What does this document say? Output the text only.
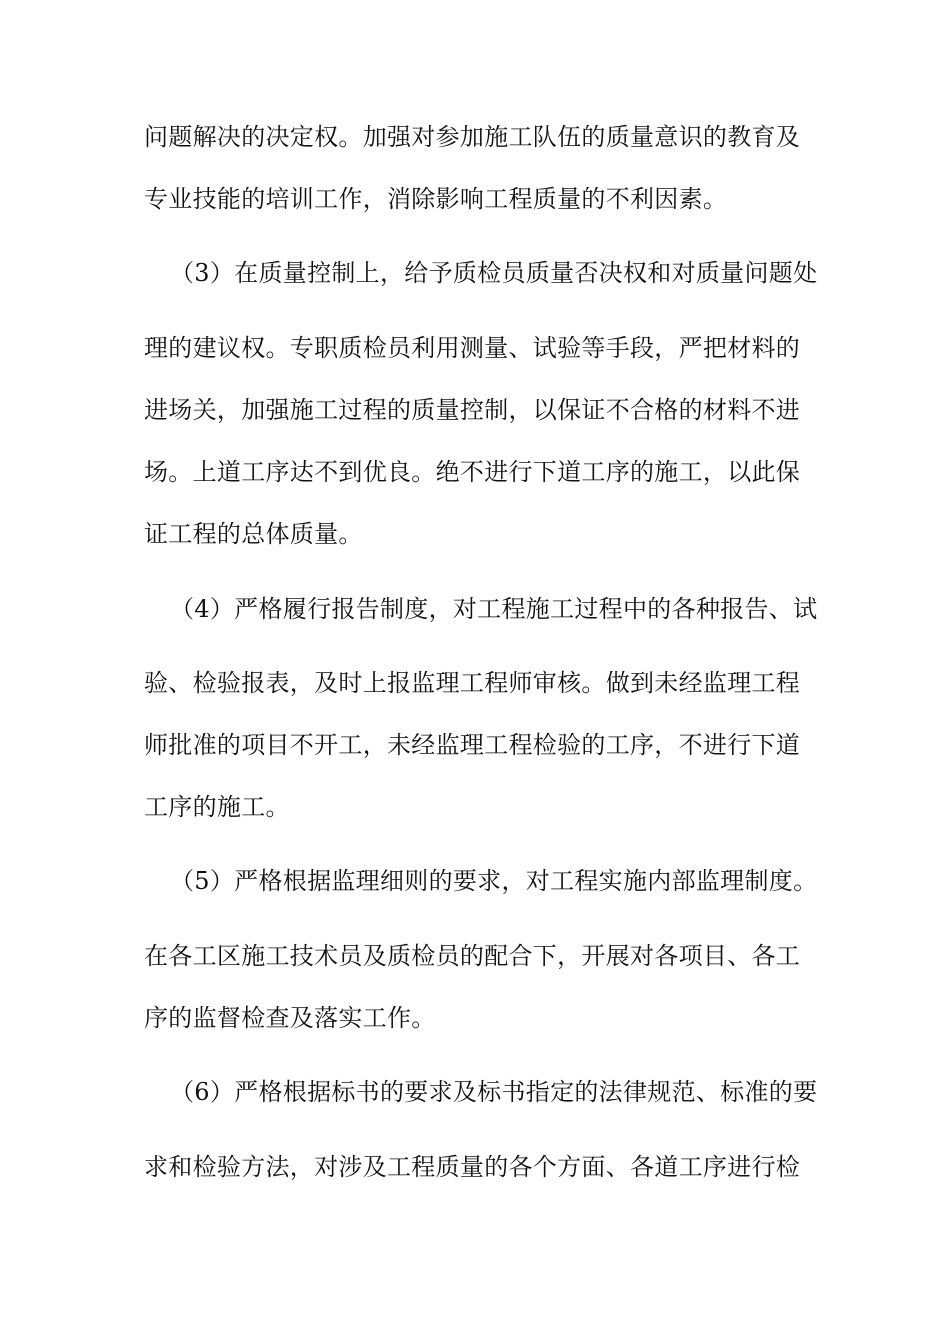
问题解决的决定权。加强对参加施工队伍的质量意识的教育及
专业技能的培训工作，消除影响工程质量的不利因素。
（3）在质量控制上，给予质检员质量否决权和对质量问题处
理的建议权。专职质检员利用测量、试验等手段，严把材料的
进场关，加强施工过程的质量控制，以保证不合格的材料不进
场。上道工序达不到优良。绝不进行下道工序的施工，以此保
证工程的总体质量。
（4）严格履行报告制度，对工程施工过程中的各种报告、试
验、检验报表，及时上报监理工程师审核。做到未经监理工程
师批准的项目不开工，未经监理工程检验的工序，不进行下道
工序的施工。
（5）严格根据监理细则的要求，对工程实施内部监理制度。
在各工区施工技术员及质检员的配合下，开展对各项目、各工
序的监督检查及落实工作。
（6）严格根据标书的要求及标书指定的法律规范、标准的要
求和检验方法，对涉及工程质量的各个方面、各道工序进行检
